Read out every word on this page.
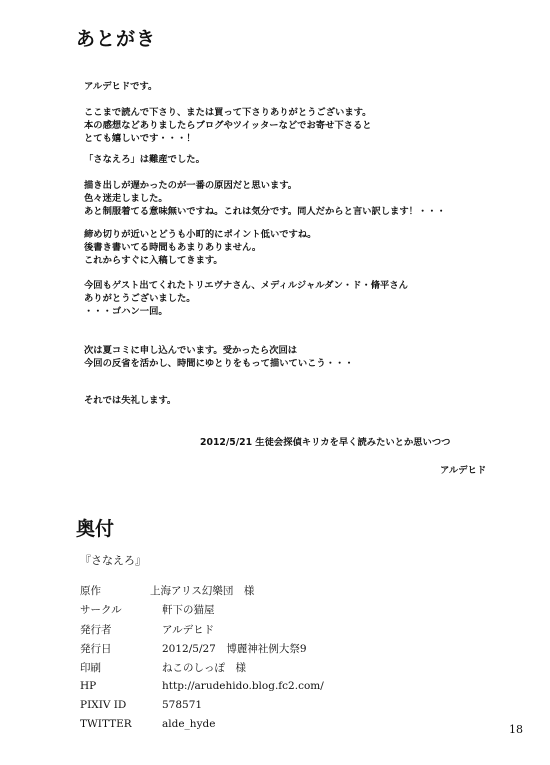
あとがき
アルデヒドです。
ここまで読んで下さり、または買って下さりありがとうございます。
本の感想などありましたらブログやツイッターなどでお寄せ下さると
とても嬉しいです・・・！
「さなえろ」は難産でした。
描き出しが遅かったのが一番の原因だと思います。
色々迷走しました。
あと制服着てる意味無いですね。これは気分です。同人だからと言い訳します！・・・
締め切りが近いとどうも小町的にポイント低いですね。
後書き書いてる時間もあまりありません。
これからすぐに入稿してきます。
今回もゲスト出てくれたトリエヴナさん、メディルジャルダン・ド・脩平さん
ありがとうございました。
・・・ゴハン一回。
次は夏コミに申し込んでいます。受かったら次回は
今回の反省を活かし、時間にゆとりをもって描いていこう・・・
それでは失礼します。
2012/5/21 生徒会探偵キリカを早く読みたいとか思いつつ
アルデヒド
奥付
『さなえろ』
原作	上海アリス幻樂団　様
サークル	軒下の猫屋
発行者	アルデヒド
発行日	2012/5/27　博麗神社例大祭9
印刷	ねこのしっぽ　様
HP	http://arudehido.blog.fc2.com/
PIXIV ID	578571
TWITTER	alde_hyde	18
